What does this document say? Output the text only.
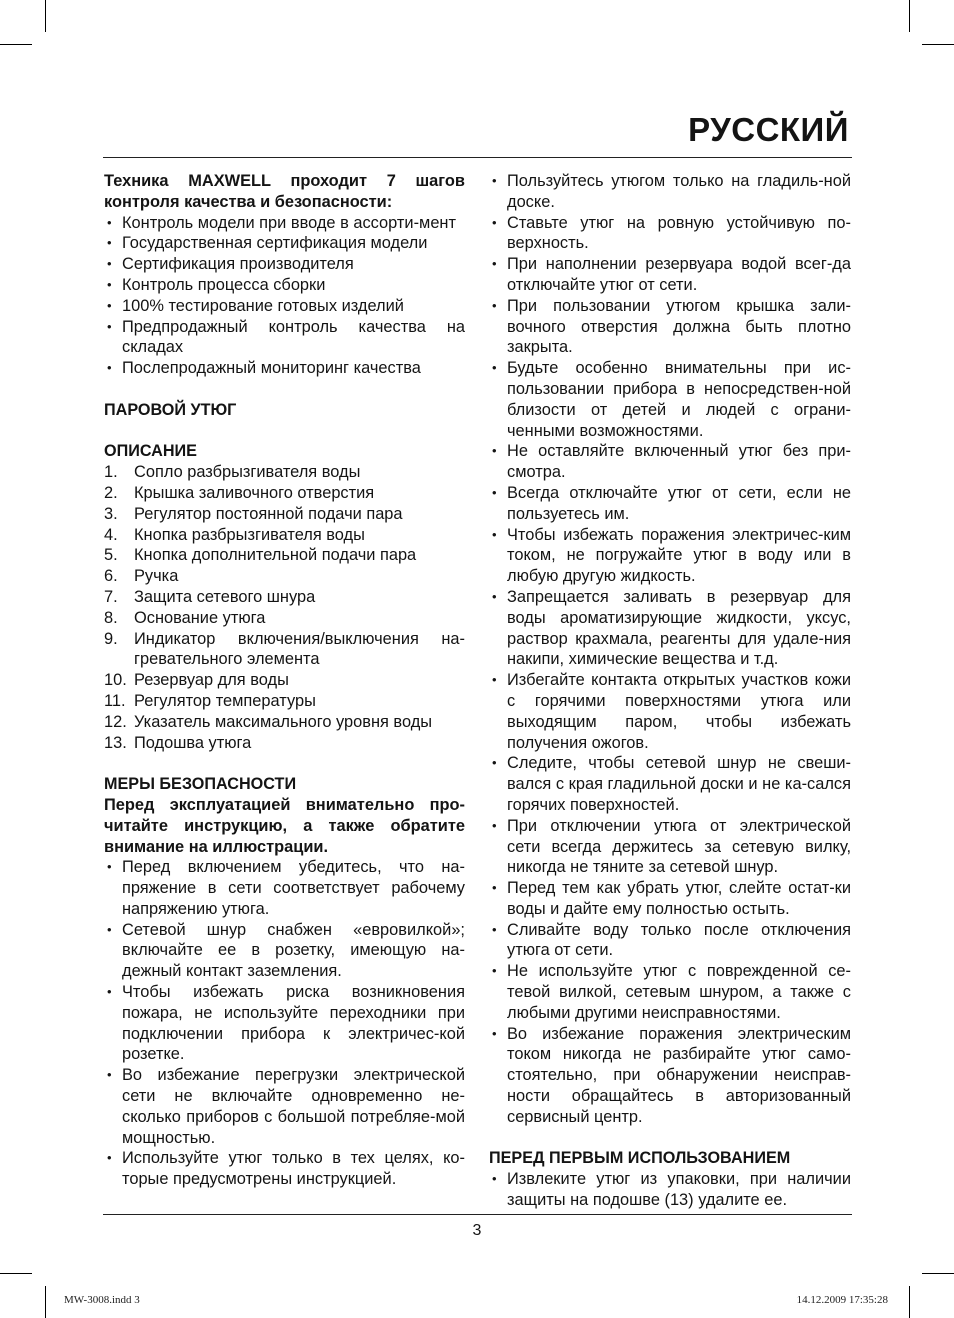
РУССКИЙ

Техника MAXWELL проходит 7 шагов контроля качества и безопасности:

• Контроль модели при вводе в ассорти-мент
• Государственная сертификация модели
• Сертификация производителя
• Контроль процесса сборки
• 100% тестирование готовых изделий
• Предпродажный контроль качества на складах
• Послепродажный мониторинг качества
ПАРОВОЙ УТЮГ
ОПИСАНИЕ
1. Сопло разбрызгивателя воды
2. Крышка заливочного отверстия
3. Регулятор постоянной подачи пара
4. Кнопка разбрызгивателя воды
5. Кнопка дополнительной подачи пара
6. Ручка
7. Защита сетевого шнура
8. Основание утюга
9. Индикатор включения/выключения на-гревательного элемента
10. Резервуар для воды
11. Регулятор температуры
12. Указатель максимального уровня воды
13. Подошва утюга
МЕРЫ БЕЗОПАСНОСТИ

Перед эксплуатацией внимательно про-читайте инструкцию, а также обратите внимание на иллюстрации.

• Перед включением убедитесь, что на-пряжение в сети соответствует рабочему напряжению утюга.
• Сетевой шнур снабжен «евровилкой»; включайте ее в розетку, имеющую на-дежный контакт заземления.
• Чтобы избежать риска возникновения пожара, не используйте переходники при подключении прибора к электричес-кой розетке.
• Во избежание перегрузки электрической сети не включайте одновременно не-сколько приборов с большой потребляе-мой мощностью.
• Используйте утюг только в тех целях, ко-торые предусмотрены инструкцией.
• Пользуйтесь утюгом только на гладиль-ной доске.
• Ставьте утюг на ровную устойчивую по-верхность.
• При наполнении резервуара водой всег-да отключайте утюг от сети.
• При пользовании утюгом крышка зали-вочного отверстия должна быть плотно закрыта.
• Будьте особенно внимательны при ис-пользовании прибора в непосредствен-ной близости от детей и людей с ограни-ченными возможностями.
• Не оставляйте включенный утюг без при-смотра.
• Всегда отключайте утюг от сети, если не пользуетесь им.
• Чтобы избежать поражения электричес-ким током, не погружайте утюг в воду или в любую другую жидкость.
• Запрещается заливать в резервуар для воды ароматизирующие жидкости, уксус, раствор крахмала, реагенты для удале-ния накипи, химические вещества и т.д.
• Избегайте контакта открытых участков кожи с горячими поверхностями утюга или выходящим паром, чтобы избежать получения ожогов.
• Следите, чтобы сетевой шнур не свеши-вался с края гладильной доски и не ка-сался горячих поверхностей.
• При отключении утюга от электрической сети всегда держитесь за сетевую вилку, никогда не тяните за сетевой шнур.
• Перед тем как убрать утюг, слейте остат-ки воды и дайте ему полностью остыть.
• Сливайте воду только после отключения утюга от сети.
• Не используйте утюг с поврежденной се-тевой вилкой, сетевым шнуром, а также с любыми другими неисправностями.
• Во избежание поражения электрическим током никогда не разбирайте утюг само-стоятельно, при обнаружении неисправ-ности обращайтесь в авторизованный сервисный центр.
ПЕРЕД ПЕРВЫМ ИСПОЛЬЗОВАНИЕМ
• Извлеките утюг из упаковки, при наличии защиты на подошве (13) удалите ее.
3
MW-3008.indd 3	14.12.2009 17:35:28
